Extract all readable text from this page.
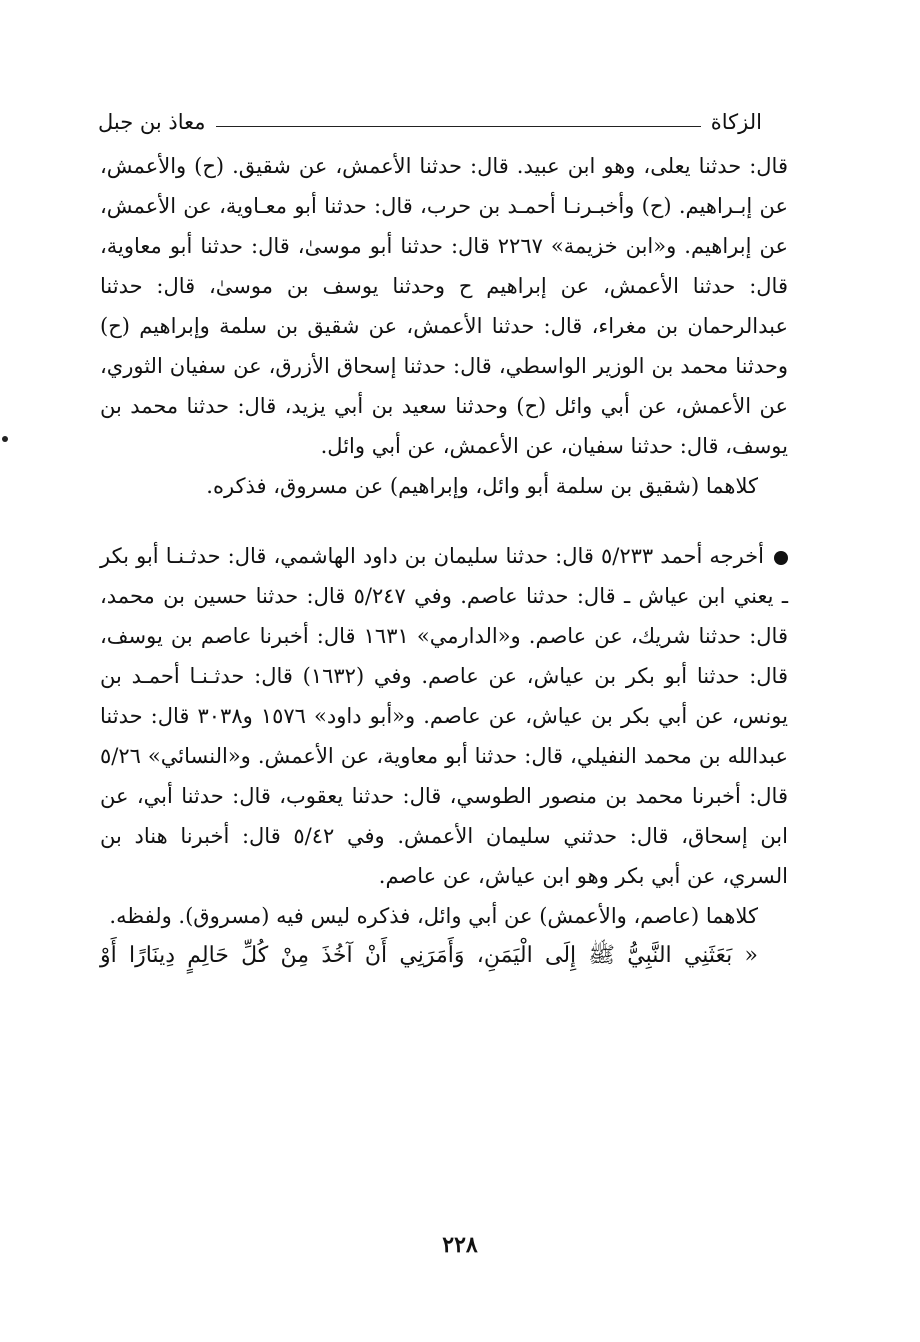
الزكاة
معاذ بن جبل

قال: حدثنا يعلى، وهو ابن عبيد. قال: حدثنا الأعمش، عن شقيق. (ح) والأعمش، عن إبـراهيم. (ح) وأخبـرنـا أحمـد بن حرب، قال: حدثنا أبو معـاوية، عن الأعمش، عن إبراهيم. و«ابن خزيمة» ٢٢٦٧ قال: حدثنا أبو موسىٰ، قال: حدثنا أبو معاوية، قال: حدثنا الأعمش، عن إبراهيم ح وحدثنا يوسف بن موسىٰ، قال: حدثنا عبدالرحمان بن مغراء، قال: حدثنا الأعمش، عن شقيق بن سلمة وإبراهيم (ح) وحدثنا محمد بن الوزير الواسطي، قال: حدثنا إسحاق الأزرق، عن سفيان الثوري، عن الأعمش، عن أبي وائل (ح) وحدثنا سعيد بن أبي يزيد، قال: حدثنا محمد بن يوسف، قال: حدثنا سفيان، عن الأعمش، عن أبي وائل.

كلاهما (شقيق بن سلمة أبو وائل، وإبراهيم) عن مسروق، فذكره.

أخرجه أحمد ٥/٢٣٣ قال: حدثنا سليمان بن داود الهاشمي، قال: حدثـنـا أبو بكر ـ يعني ابن عياش ـ قال: حدثنا عاصم. وفي ٥/٢٤٧ قال: حدثنا حسين بن محمد، قال: حدثنا شريك، عن عاصم. و«الدارمي» ١٦٣١ قال: أخبرنا عاصم بن يوسف، قال: حدثنا أبو بكر بن عياش، عن عاصم. وفي (١٦٣٢) قال: حدثـنـا أحمـد بن يونس، عن أبي بكر بن عياش، عن عاصم. و«أبو داود» ١٥٧٦ و٣٠٣٨ قال: حدثنا عبدالله بن محمد النفيلي، قال: حدثنا أبو معاوية، عن الأعمش. و«النسائي» ٥/٢٦ قال: أخبرنا محمد بن منصور الطوسي، قال: حدثنا يعقوب، قال: حدثنا أبي، عن ابن إسحاق، قال: حدثني سليمان الأعمش. وفي ٥/٤٢ قال: أخبرنا هناد بن السري، عن أبي بكر وهو ابن عياش، عن عاصم.

كلاهما (عاصم، والأعمش) عن أبي وائل، فذكره ليس فيه (مسروق). ولفظه.

« بَعَثَنِي النَّبِيُّ ﷺ إِلَى الْيَمَنِ، وَأَمَرَنِي أَنْ آخُذَ مِنْ كُلِّ حَالِمٍ دِينَارًا أَوْ

٢٢٨
